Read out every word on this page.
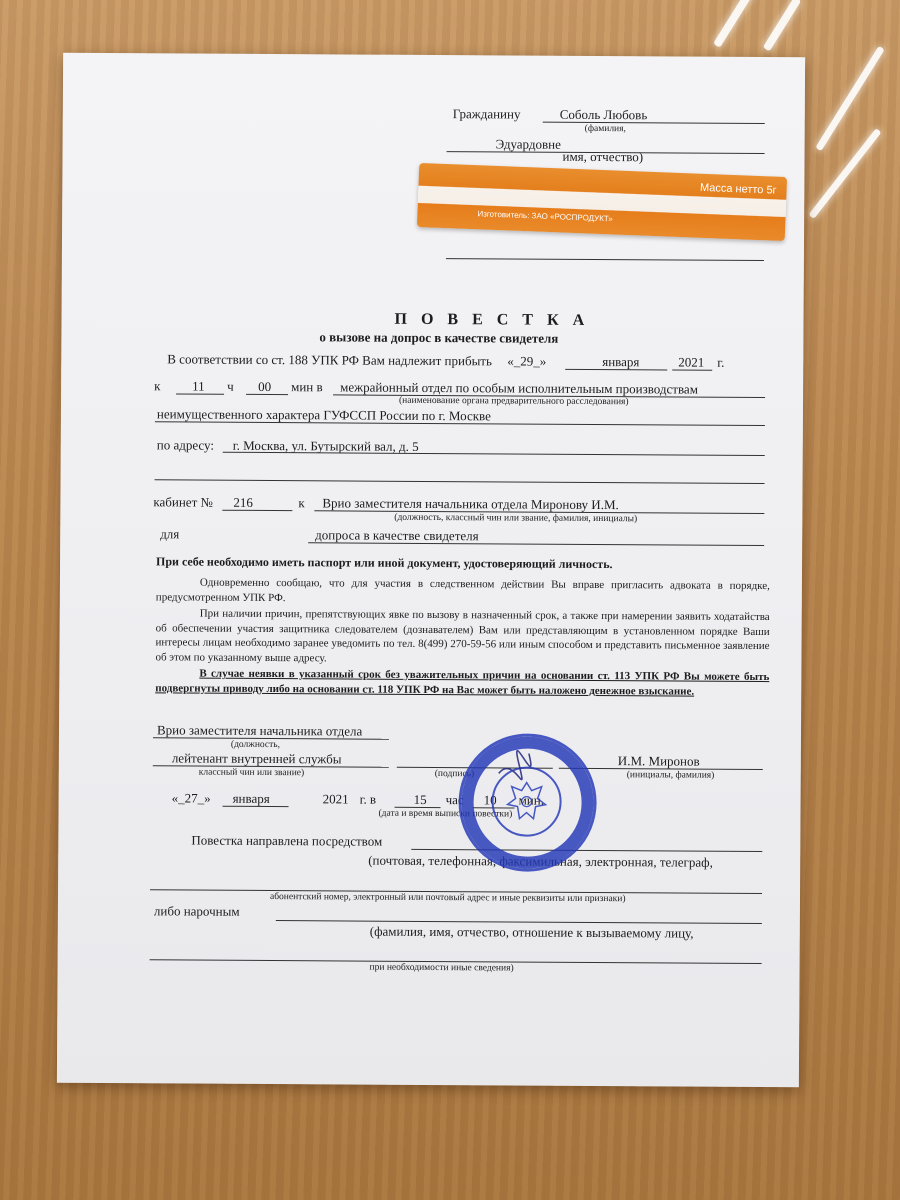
Гражданину	Соболь Любовь
(фамилия,
Эдуардовне
имя, отчество)
П О В Е С Т К А
о вызове на допрос в качестве свидетеля
В соответствии со ст. 188 УПК РФ Вам надлежит прибыть «_29_»	января	2021 г.
к 11 ч 00 мин в межрайонный отдел по особым исполнительным производствам
(наименование органа предварительного расследования)
неимущественного характера ГУФССП России по г. Москве
по адресу: г. Москва, ул. Бутырский вал, д. 5
кабинет № 216	к Врио заместителя начальника отдела Миронову И.М.
(должность, классный чин или звание, фамилия, инициалы)
для	допроса в качестве свидетеля
При себе необходимо иметь паспорт или иной документ, удостоверяющий личность.

Одновременно сообщаю, что для участия в следственном действии Вы вправе пригласить адвоката в порядке, предусмотренном УПК РФ.

При наличии причин, препятствующих явке по вызову в назначенный срок, а также при намерении заявить ходатайства об обеспечении участия защитника следователем (дознавателем) Вам или представляющим в установленном порядке Ваши интересы лицам необходимо заранее уведомить по тел. 8(499) 270-59-56 или иным способом и представить письменное заявление об этом по указанному выше адресу.

В случае неявки в указанный срок без уважительных причин на основании ст. 113 УПК РФ Вы можете быть подвергнуты приводу либо на основании ст. 118 УПК РФ на Вас может быть наложено денежное взыскание.

Врио заместителя начальника отдела
(должность,
лейтенант внутренней службы	И.М. Миронов
классный чин или звание)	(подпись)	(инициалы, фамилия)
«_27_» января	2021 г. в	15 час 10 мин.
(дата и время выписки повестки)
Повестка направлена посредством
(почтовая, телефонная, факсимильная, электронная, телеграф,
абонентский номер, электронный или почтовый адрес и иные реквизиты или признаки)
либо нарочным
(фамилия, имя, отчество, отношение к вызываемому лицу,
при необходимости иные сведения)
Масса нетто 5г
Изготовитель: ЗАО «РОСПРОДУКТ»
